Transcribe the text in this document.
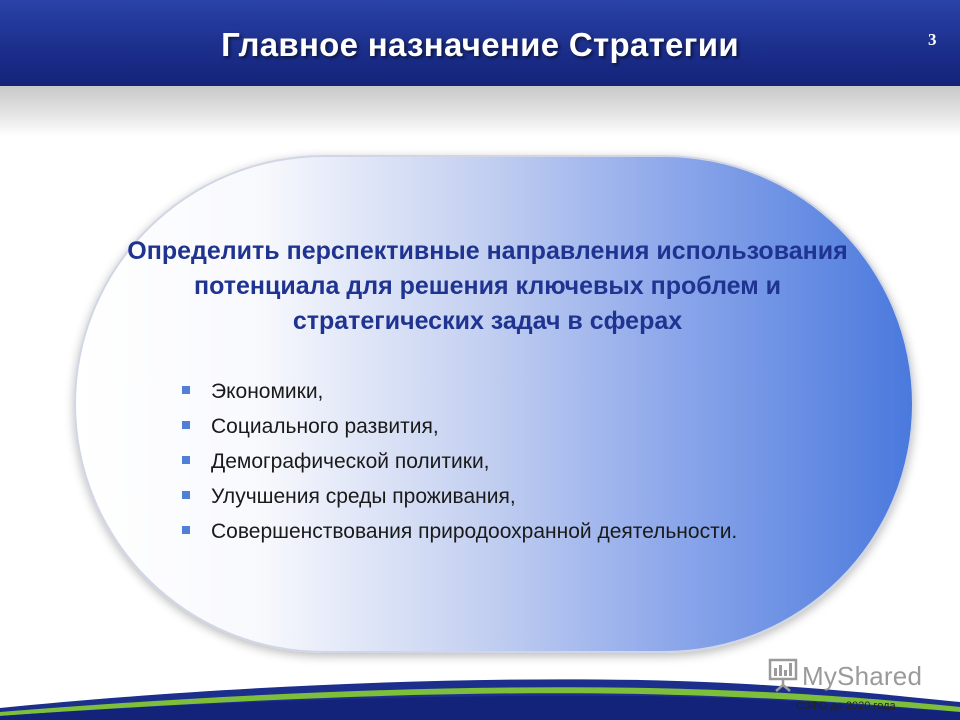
Главное назначение Стратегии	3
Определить перспективные направления использования потенциала для решения ключевых проблем и стратегических задач в сферах
Экономики,
Социального развития,
Демографической политики,
Улучшения среды проживания,
Совершенствования природоохранной деятельности.
MyShared
СЗФО до 2020 года
